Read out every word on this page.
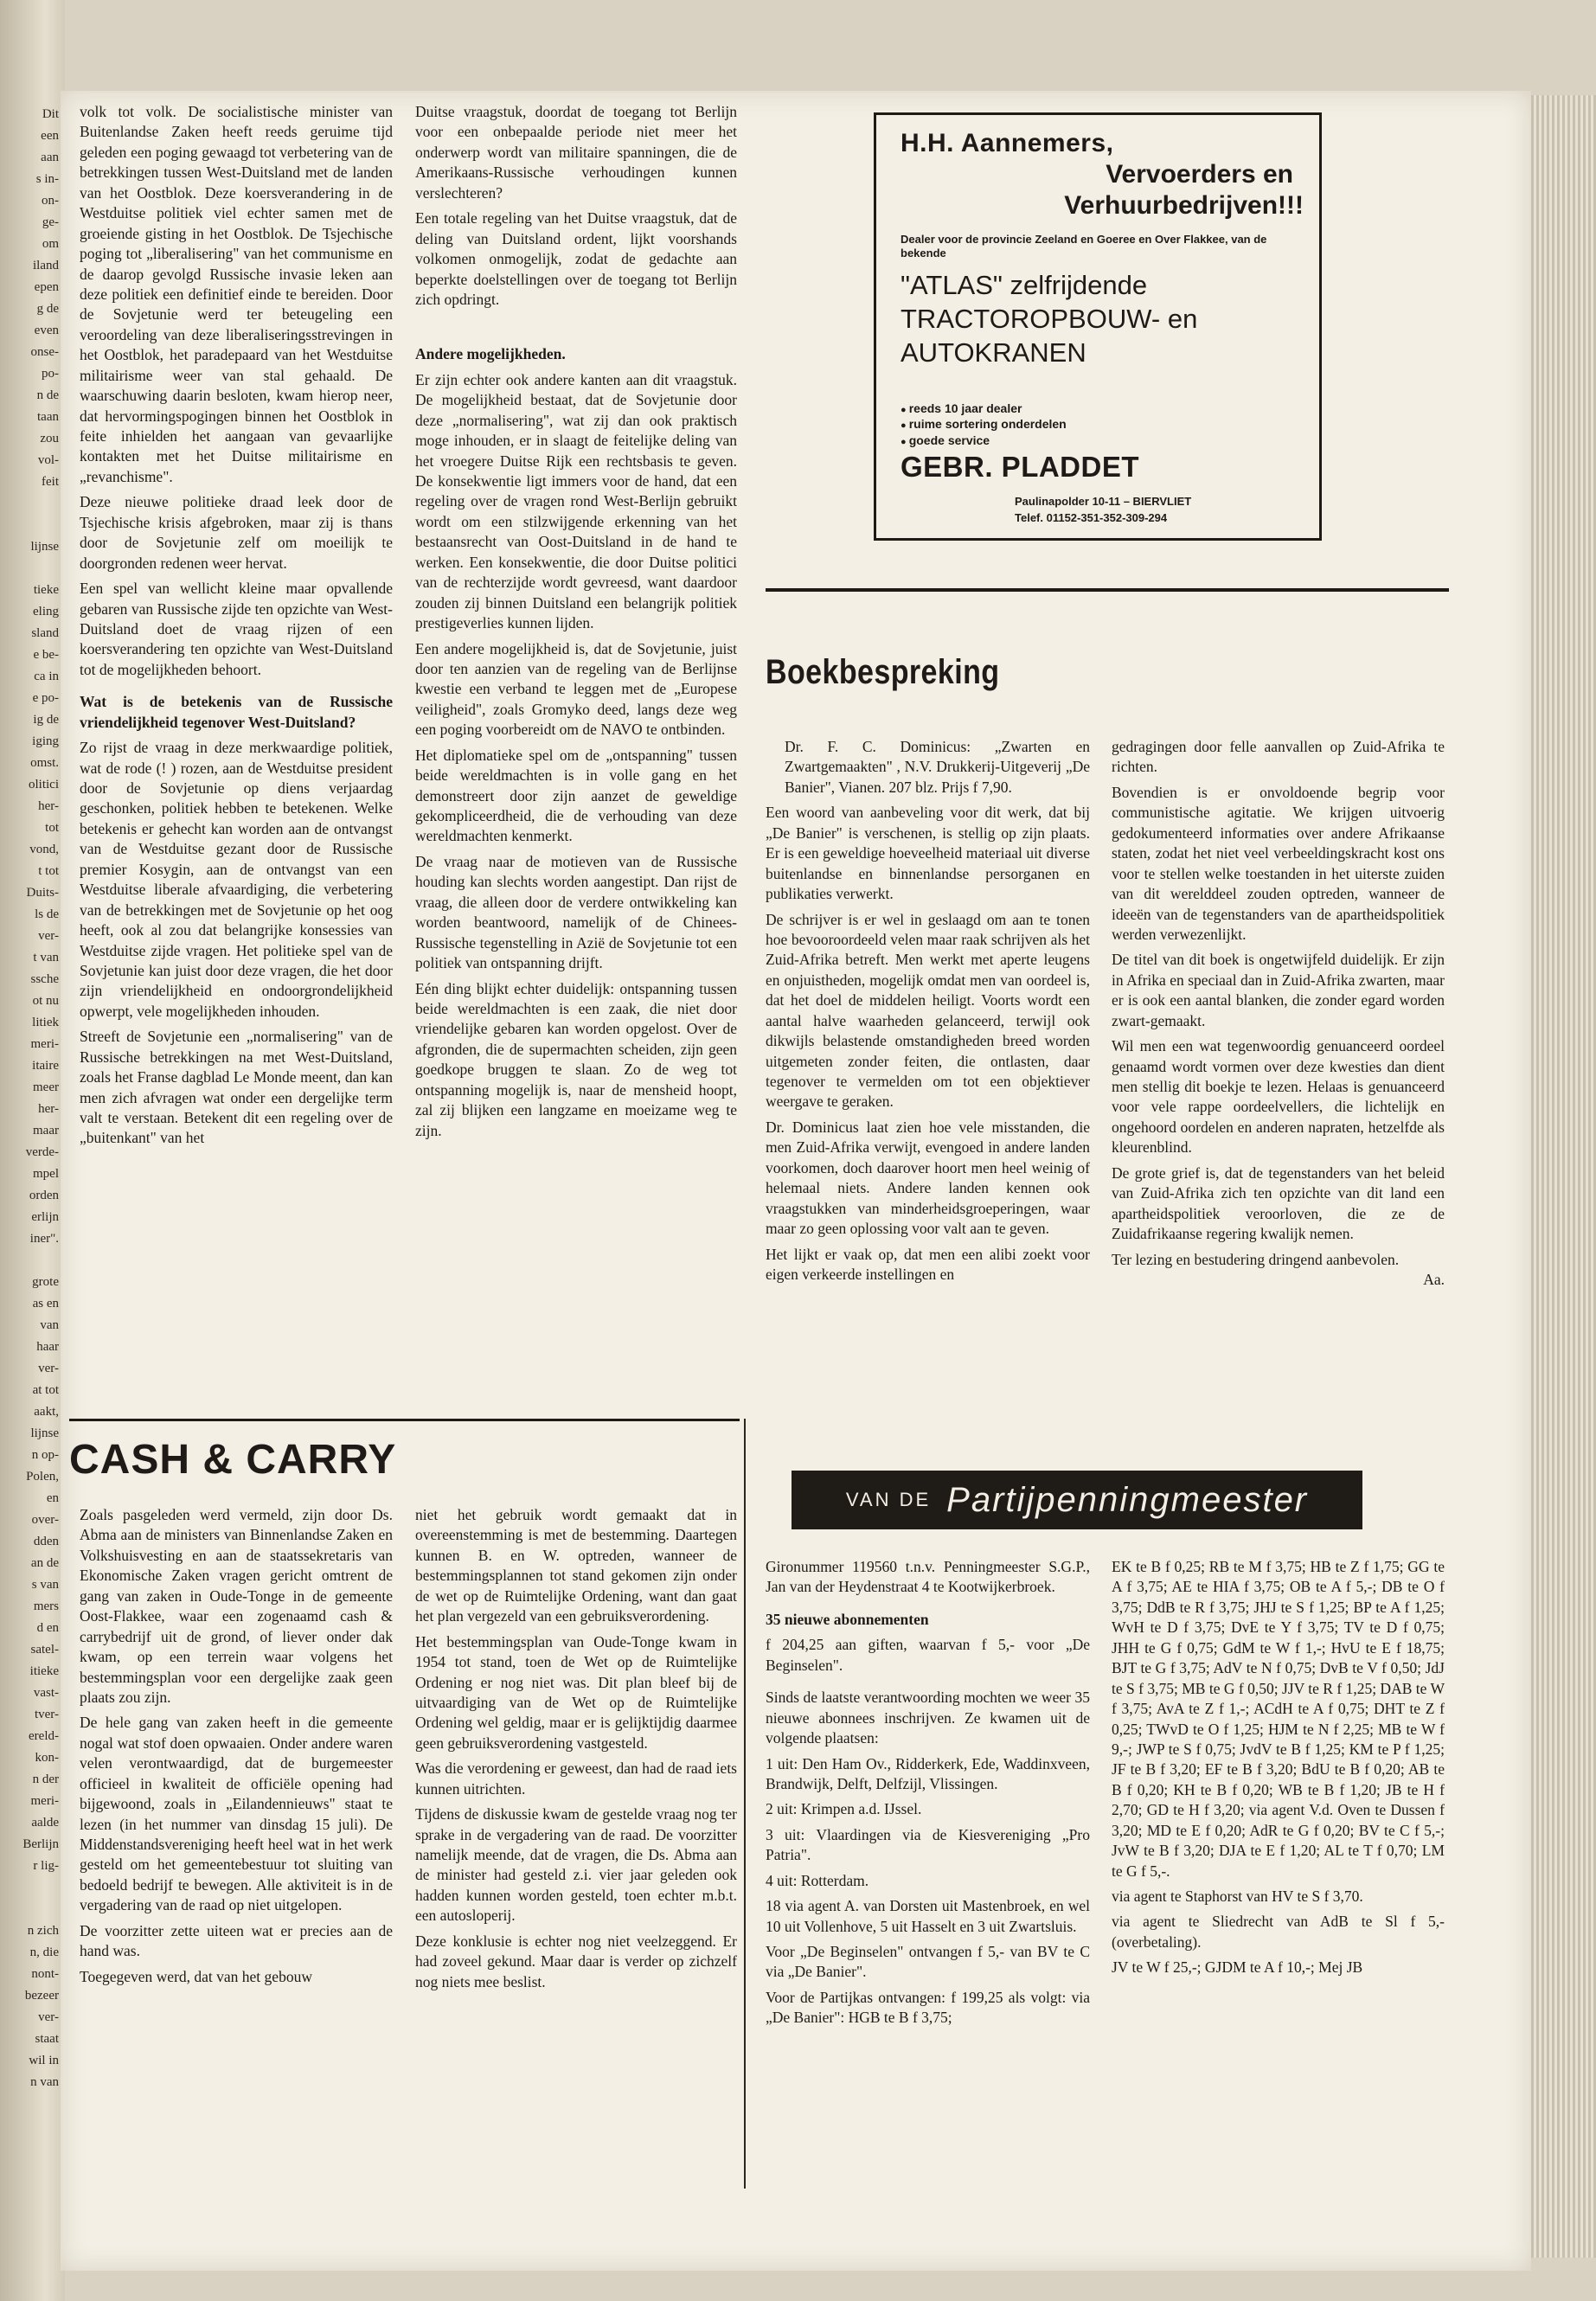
Dit
een
aan
s in-
on-
ge-
om
iland
epen
g de
even
onse-
po-
n de
taan
zou
vol-
feit
lijnse
tieke
eling
sland
e be-
ca in
e po-
ig de
iging
omst.
olitici
her-
tot
vond,
t tot
Duits-
ls de
ver-
t van
ssche
ot nu
litiek
meri-
itaire
meer
her-
maar
verde-
mpel
orden
erlijn
iner".
grote
as en
van
haar
ver-
at tot
aakt,
lijnse
n op-
Polen,
en
over-
dden
an de
s van
mers
d en
satel-
itieke
vast-
tver-
ereld-
kon-
n der
meri-
aalde
Berlijn
r lig-
n zich
n, die
nont-
bezeer
ver-
staat
wil in
n van

volk tot volk. De socialistische minister van Buitenlandse Zaken heeft reeds geruime tijd geleden een poging gewaagd tot verbetering van de betrekkingen tussen West-Duitsland met de landen van het Oostblok. Deze koersverandering in de Westduitse politiek viel echter samen met de groeiende gisting in het Oostblok. De Tsjechische poging tot „liberalisering" van het communisme en de daarop gevolgd Russische invasie leken aan deze politiek een definitief einde te bereiden. Door de Sovjetunie werd ter beteugeling een veroordeling van deze liberaliseringsstrevingen in het Oostblok, het paradepaard van het Westduitse militairisme weer van stal gehaald. De waarschuwing daarin besloten, kwam hierop neer, dat hervormingspogingen binnen het Oostblok in feite inhielden het aangaan van gevaarlijke kontakten met het Duitse militairisme en „revanchisme".

Deze nieuwe politieke draad leek door de Tsjechische krisis afgebroken, maar zij is thans door de Sovjetunie zelf om moeilijk te doorgronden redenen weer hervat.

Een spel van wellicht kleine maar opvallende gebaren van Russische zijde ten opzichte van West-Duitsland doet de vraag rijzen of een koersverandering ten opzichte van West-Duitsland tot de mogelijkheden behoort.

Wat is de betekenis van de Russische vriendelijkheid tegenover West-Duitsland?

Zo rijst de vraag in deze merkwaardige politiek, wat de rode (! ) rozen, aan de Westduitse president door de Sovjetunie op diens verjaardag geschonken, politiek hebben te betekenen. Welke betekenis er gehecht kan worden aan de ontvangst van de Westduitse gezant door de Russische premier Kosygin, aan de ontvangst van een Westduitse liberale afvaardiging, die verbetering van de betrekkingen met de Sovjetunie op het oog heeft, ook al zou dat belangrijke konsessies van Westduitse zijde vragen. Het politieke spel van de Sovjetunie kan juist door deze vragen, die het door zijn vriendelijkheid en ondoorgrondelijkheid opwerpt, vele mogelijkheden inhouden.

Streeft de Sovjetunie een „normalisering" van de Russische betrekkingen na met West-Duitsland, zoals het Franse dagblad Le Monde meent, dan kan men zich afvragen wat onder een dergelijke term valt te verstaan. Betekent dit een regeling over de „buitenkant" van het

Duitse vraagstuk, doordat de toegang tot Berlijn voor een onbepaalde periode niet meer het onderwerp wordt van militaire spanningen, die de Amerikaans-Russische verhoudingen kunnen verslechteren?

Een totale regeling van het Duitse vraagstuk, dat de deling van Duitsland ordent, lijkt voorshands volkomen onmogelijk, zodat de gedachte aan beperkte doelstellingen over de toegang tot Berlijn zich opdringt.

Andere mogelijkheden.

Er zijn echter ook andere kanten aan dit vraagstuk. De mogelijkheid bestaat, dat de Sovjetunie door deze „normalisering", wat zij dan ook praktisch moge inhouden, er in slaagt de feitelijke deling van het vroegere Duitse Rijk een rechtsbasis te geven. De konsekwentie ligt immers voor de hand, dat een regeling over de vragen rond West-Berlijn gebruikt wordt om een stilzwijgende erkenning van het bestaansrecht van Oost-Duitsland in de hand te werken. Een konsekwentie, die door Duitse politici van de rechterzijde wordt gevreesd, want daardoor zouden zij binnen Duitsland een belangrijk politiek prestigeverlies kunnen lijden.

Een andere mogelijkheid is, dat de Sovjetunie, juist door ten aanzien van de regeling van de Berlijnse kwestie een verband te leggen met de „Europese veiligheid", zoals Gromyko deed, langs deze weg een poging voorbereidt om de NAVO te ontbinden.

Het diplomatieke spel om de „ontspanning" tussen beide wereldmachten is in volle gang en het demonstreert door zijn aanzet de geweldige gekompliceerdheid, die de verhouding van deze wereldmachten kenmerkt.

De vraag naar de motieven van de Russische houding kan slechts worden aangestipt. Dan rijst de vraag, die alleen door de verdere ontwikkeling kan worden beantwoord, namelijk of de Chinees-Russische tegenstelling in Azië de Sovjetunie tot een politiek van ontspanning drijft.

Eén ding blijkt echter duidelijk: ontspanning tussen beide wereldmachten is een zaak, die niet door vriendelijke gebaren kan worden opgelost. Over de afgronden, die de supermachten scheiden, zijn geen goedkope bruggen te slaan. Zo de weg tot ontspanning mogelijk is, naar de mensheid hoopt, zal zij blijken een langzame en moeizame weg te zijn.

H.H. Aannemers,
Vervoerders en
Verhuurbedrijven!!!
Dealer voor de provincie Zeeland en Goeree en Over Flakkee, van de bekende
"ATLAS" zelfrijdende
TRACTOROPBOUW- en
AUTOKRANEN
● reeds 10 jaar dealer
● ruime sortering onderdelen
● goede service
GEBR. PLADDET
Paulinapolder 10-11 – BIERVLIET
Telef. 01152-351-352-309-294
Boekbespreking

Dr. F. C. Dominicus: „Zwarten en Zwartgemaakten" , N.V. Drukkerij-Uitgeverij „De Banier", Vianen. 207 blz. Prijs f 7,90.

Een woord van aanbeveling voor dit werk, dat bij „De Banier" is verschenen, is stellig op zijn plaats. Er is een geweldige hoeveelheid materiaal uit diverse buitenlandse en binnenlandse persorganen en publikaties verwerkt.

De schrijver is er wel in geslaagd om aan te tonen hoe bevooroordeeld velen maar raak schrijven als het Zuid-Afrika betreft. Men werkt met aperte leugens en onjuistheden, mogelijk omdat men van oordeel is, dat het doel de middelen heiligt. Voorts wordt een aantal halve waarheden gelanceerd, terwijl ook dikwijls belastende omstandigheden breed worden uitgemeten zonder feiten, die ontlasten, daar tegenover te vermelden om tot een objektiever weergave te geraken.

Dr. Dominicus laat zien hoe vele misstanden, die men Zuid-Afrika verwijt, evengoed in andere landen voorkomen, doch daarover hoort men heel weinig of helemaal niets. Andere landen kennen ook vraagstukken van minderheidsgroeperingen, waar maar zo geen oplossing voor valt aan te geven.

Het lijkt er vaak op, dat men een alibi zoekt voor eigen verkeerde instellingen en

gedragingen door felle aanvallen op Zuid-Afrika te richten.

Bovendien is er onvoldoende begrip voor communistische agitatie. We krijgen uitvoerig gedokumenteerd informaties over andere Afrikaanse staten, zodat het niet veel verbeeldingskracht kost ons voor te stellen welke toestanden in het uiterste zuiden van dit werelddeel zouden optreden, wanneer de ideeën van de tegenstanders van de apartheidspolitiek werden verwezenlijkt.

De titel van dit boek is ongetwijfeld duidelijk. Er zijn in Afrika en speciaal dan in Zuid-Afrika zwarten, maar er is ook een aantal blanken, die zonder egard worden zwart-gemaakt.

Wil men een wat tegenwoordig genuanceerd oordeel genaamd wordt vormen over deze kwesties dan dient men stellig dit boekje te lezen. Helaas is genuanceerd voor vele rappe oordeelvellers, die lichtelijk en ongehoord oordelen en anderen napraten, hetzelfde als kleurenblind.

De grote grief is, dat de tegenstanders van het beleid van Zuid-Afrika zich ten opzichte van dit land een apartheidspolitiek veroorloven, die ze de Zuidafrikaanse regering kwalijk nemen.

Ter lezing en bestudering dringend aanbevolen.
Aa.

CASH & CARRY

Zoals pasgeleden werd vermeld, zijn door Ds. Abma aan de ministers van Binnenlandse Zaken en Volkshuisvesting en aan de staatssekretaris van Ekonomische Zaken vragen gericht omtrent de gang van zaken in Oude-Tonge in de gemeente Oost-Flakkee, waar een zogenaamd cash & carrybedrijf uit de grond, of liever onder dak kwam, op een terrein waar volgens het bestemmingsplan voor een dergelijke zaak geen plaats zou zijn.

De hele gang van zaken heeft in die gemeente nogal wat stof doen opwaaien. Onder andere waren velen verontwaardigd, dat de burgemeester officieel in kwaliteit de officiële opening had bijgewoond, zoals in „Eilandennieuws" staat te lezen (in het nummer van dinsdag 15 juli). De Middenstandsvereniging heeft heel wat in het werk gesteld om het gemeentebestuur tot sluiting van bedoeld bedrijf te bewegen. Alle aktiviteit is in de vergadering van de raad op niet uitgelopen.

De voorzitter zette uiteen wat er precies aan de hand was.

Toegegeven werd, dat van het gebouw

niet het gebruik wordt gemaakt dat in overeenstemming is met de bestemming. Daartegen kunnen B. en W. optreden, wanneer de bestemmingsplannen tot stand gekomen zijn onder de wet op de Ruimtelijke Ordening, want dan gaat het plan vergezeld van een gebruiksverordening.

Het bestemmingsplan van Oude-Tonge kwam in 1954 tot stand, toen de Wet op de Ruimtelijke Ordening er nog niet was. Dit plan bleef bij de uitvaardiging van de Wet op de Ruimtelijke Ordening wel geldig, maar er is gelijktijdig daarmee geen gebruiksverordening vastgesteld.

Was die verordening er geweest, dan had de raad iets kunnen uitrichten.

Tijdens de diskussie kwam de gestelde vraag nog ter sprake in de vergadering van de raad. De voorzitter namelijk meende, dat de vragen, die Ds. Abma aan de minister had gesteld z.i. vier jaar geleden ook hadden kunnen worden gesteld, toen echter m.b.t. een autosloperij.

Deze konklusie is echter nog niet veelzeggend. Er had zoveel gekund. Maar daar is verder op zichzelf nog niets mee beslist.

VAN DE Partijpenningmeester

Gironummer 119560 t.n.v. Penningmeester S.G.P., Jan van der Heydenstraat 4 te Kootwijkerbroek.

35 nieuwe abonnementen

f 204,25 aan giften, waarvan f 5,- voor „De Beginselen".

Sinds de laatste verantwoording mochten we weer 35 nieuwe abonnees inschrijven. Ze kwamen uit de volgende plaatsen:

1 uit: Den Ham Ov., Ridderkerk, Ede, Waddinxveen, Brandwijk, Delft, Delfzijl, Vlissingen.

2 uit: Krimpen a.d. IJssel.

3 uit: Vlaardingen via de Kiesvereniging „Pro Patria".

4 uit: Rotterdam.

18 via agent A. van Dorsten uit Mastenbroek, en wel 10 uit Vollenhove, 5 uit Hasselt en 3 uit Zwartsluis.

Voor „De Beginselen" ontvangen f 5,- van BV te C via „De Banier".

Voor de Partijkas ontvangen: f 199,25 als volgt: via „De Banier": HGB te B f 3,75;

EK te B f 0,25; RB te M f 3,75; HB te Z f 1,75; GG te A f 3,75; AE te HIA f 3,75; OB te A f 5,-; DB te O f 3,75; DdB te R f 3,75; JHJ te S f 1,25; BP te A f 1,25; WvH te D f 3,75; DvE te Y f 3,75; TV te D f 0,75; JHH te G f 0,75; GdM te W f 1,-; HvU te E f 18,75; BJT te G f 3,75; AdV te N f 0,75; DvB te V f 0,50; JdJ te S f 3,75; MB te G f 0,50; JJV te R f 1,25; DAB te W f 3,75; AvA te Z f 1,-; ACdH te A f 0,75; DHT te Z f 0,25; TWvD te O f 1,25; HJM te N f 2,25; MB te W f 9,-; JWP te S f 0,75; JvdV te B f 1,25; KM te P f 1,25; JF te B f 3,20; EF te B f 3,20; BdU te B f 0,20; AB te B f 0,20; KH te B f 0,20; WB te B f 1,20; JB te H f 2,70; GD te H f 3,20; via agent V.d. Oven te Dussen f 3,20; MD te E f 0,20; AdR te G f 0,20; BV te C f 5,-; JvW te B f 3,20; DJA te E f 1,20; AL te T f 0,70; LM te G f 5,-.

via agent te Staphorst van HV te S f 3,70.

via agent te Sliedrecht van AdB te Sl f 5,- (overbetaling).

JV te W f 25,-; GJDM te A f 10,-; Mej JB
